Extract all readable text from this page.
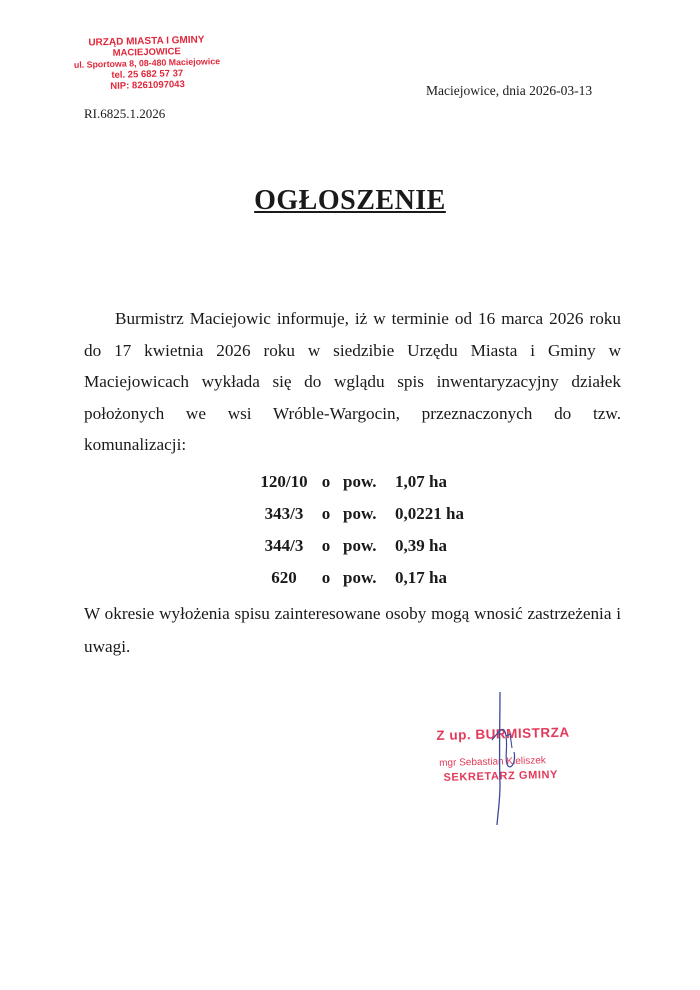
URZĄD MIASTA I GMINY
MACIEJOWICE
ul. Sportowa 8, 08-480 Maciejowice
tel. 25 682 57 37
NIP: 8261097043
RI.6825.1.2026
Maciejowice, dnia 2026-03-13
OGŁOSZENIE
Burmistrz Maciejowic informuje, iż w terminie od 16 marca 2026 roku do 17 kwietnia 2026 roku w siedzibie Urzędu Miasta i Gminy w Maciejowicach wykłada się do wglądu spis inwentaryzacyjny działek położonych we wsi Wróble-Wargocin, przeznaczonych do tzw. komunalizacji:
120/10	o	pow.	1,07 ha
343/3	o	pow.	0,0221 ha
344/3	o	pow.	0,39 ha
620	o	pow.	0,17 ha
W okresie wyłożenia spisu zainteresowane osoby mogą wnosić zastrzeżenia i uwagi.
Z up. BURMISTRZA
mgr Sebastian Kieliszek
SEKRETARZ GMINY
